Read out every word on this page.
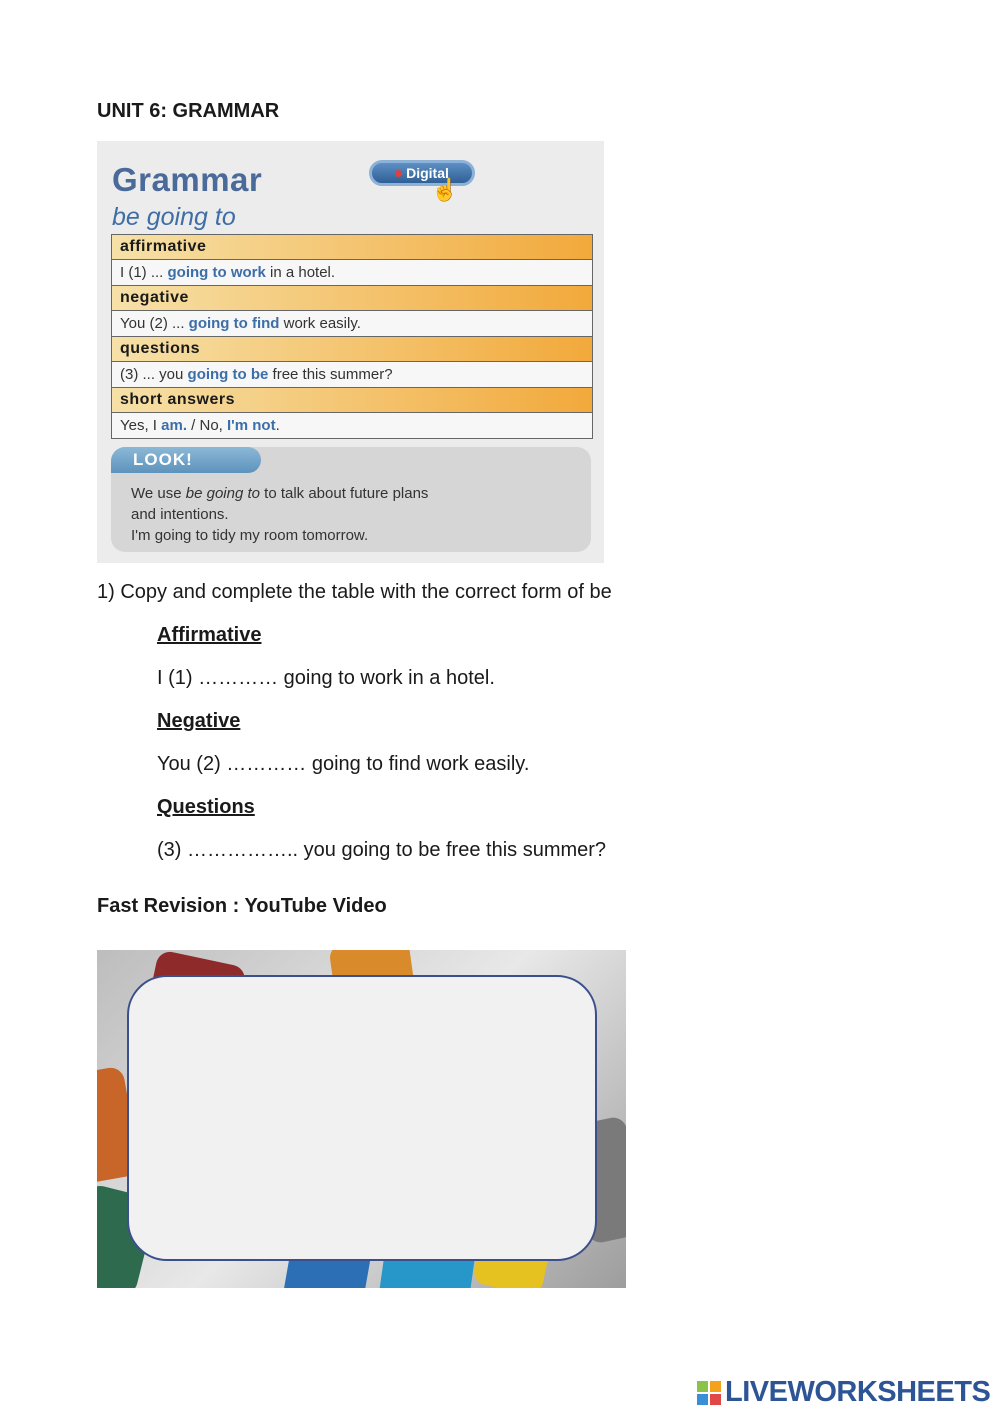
UNIT 6: GRAMMAR
Grammar	Digital
☝
be going to
affirmative
I (1) ... going to work in a hotel.
negative
You (2) ... going to find work easily.
questions
(3) ... you going to be free this summer?
short answers
Yes, I am. / No, I'm not.
LOOK!
We use be going to to talk about future plans
and intentions.
I'm going to tidy my room tomorrow.
1) Copy and complete the table with the correct form of be
Affirmative
I (1) ………… going to work in a hotel.
Negative
You (2) ………… going to find work easily.
Questions
(3) …………….. you going to be free this summer?
Fast Revision : YouTube Video
LIVEWORKSHEETS
